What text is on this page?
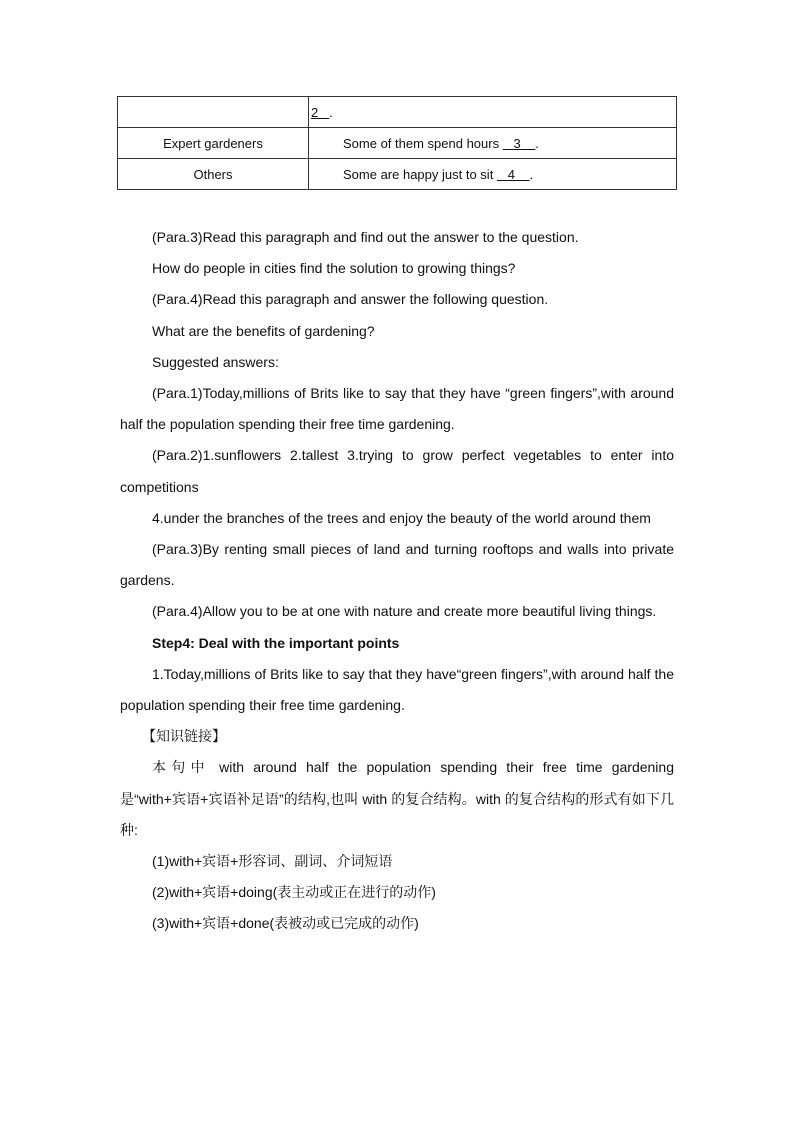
	2 .

Expert gardeners	Some of them spend hours    3 .

Others	Some are happy just to sit    4 .

(Para.3)Read this paragraph and find out the answer to the question.

How do people in cities find the solution to growing things?

(Para.4)Read this paragraph and answer the following question.

What are the benefits of gardening?

Suggested answers:

(Para.1)Today,millions of Brits like to say that they have “green fingers”,with around half the population spending their free time gardening.

(Para.2)1.sunflowers 2.tallest 3.trying to grow perfect vegetables to enter into competitions

4.under the branches of the trees and enjoy the beauty of the world around them

(Para.3)By renting small pieces of land and turning rooftops and walls into private gardens.

(Para.4)Allow you to be at one with nature and create more beautiful living things.

Step4: Deal with the important points

1.Today,millions of Brits like to say that they have“green fingers”,with around half the population spending their free time gardening.

【知识链接】

本句中 with around half the population spending their free time gardening 是“with+宾语+宾语补足语”的结构,也叫 with 的复合结构。with 的复合结构的形式有如下几种:

(1)with+宾语+形容词、副词、介词短语

(2)with+宾语+doing(表主动或正在进行的动作)

(3)with+宾语+done(表被动或已完成的动作)
